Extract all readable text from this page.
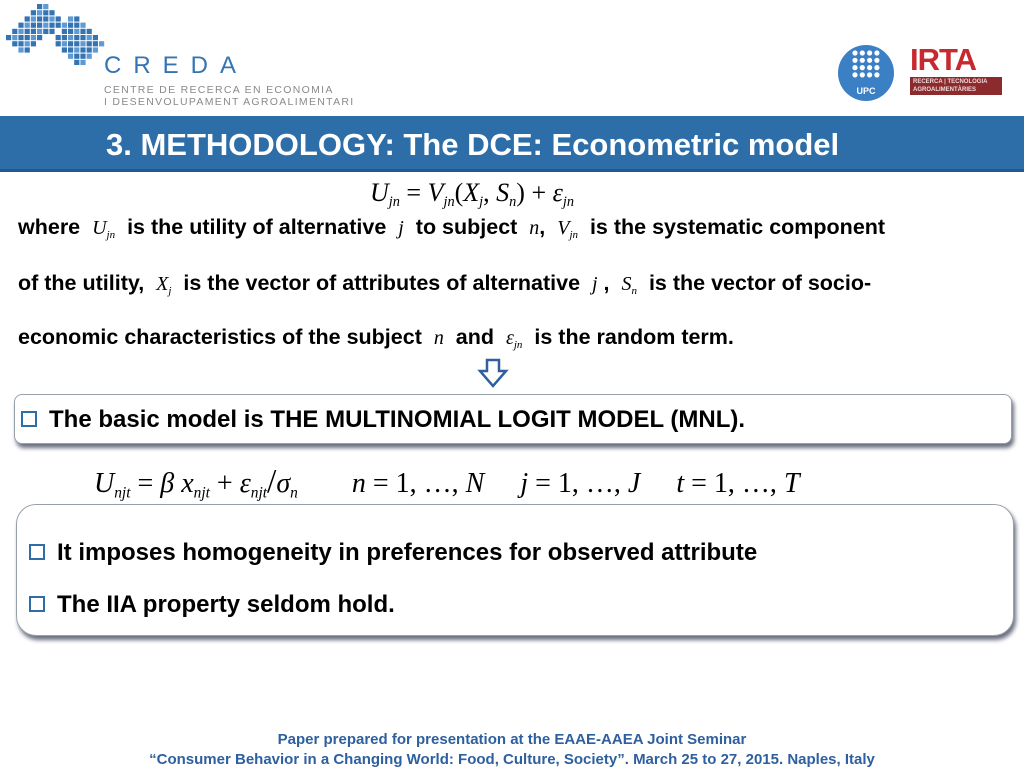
CREDA
CENTRE DE RECERCA EN ECONOMIA
I DESENVOLUPAMENT AGROALIMENTARI
UPC
IRTA
RECERCA | TECNOLOGIA
AGROALIMENTÀRIES
3. METHODOLOGY: The DCE: Econometric model
$U_{jn} = V_{jn}(X_j$, $S_n) + \varepsilon_{jn}$
where $U_{jn}$ is the utility of alternative j to subject n, $V_{jn}$ is the systematic component
of the utility, $X_j$ is the vector of attributes of alternative j , $S_n$ is the vector of socio-
economic characteristics of the subject n and $\varepsilon_{jn}$ is the random term.
The basic model is THE MULTINOMIAL LOGIT MODEL (MNL).
$U_{njt} = \beta$ $x_{njt} + \varepsilon_{njt}/\sigma_n$ n = 1, …, N j = 1, …, J t = 1, …, T
It imposes homogeneity in preferences for observed attribute
The IIA property seldom hold.
Paper prepared for presentation at the EAAE-AAEA Joint Seminar
“Consumer Behavior in a Changing World: Food, Culture, Society”. March 25 to 27, 2015. Naples, Italy
